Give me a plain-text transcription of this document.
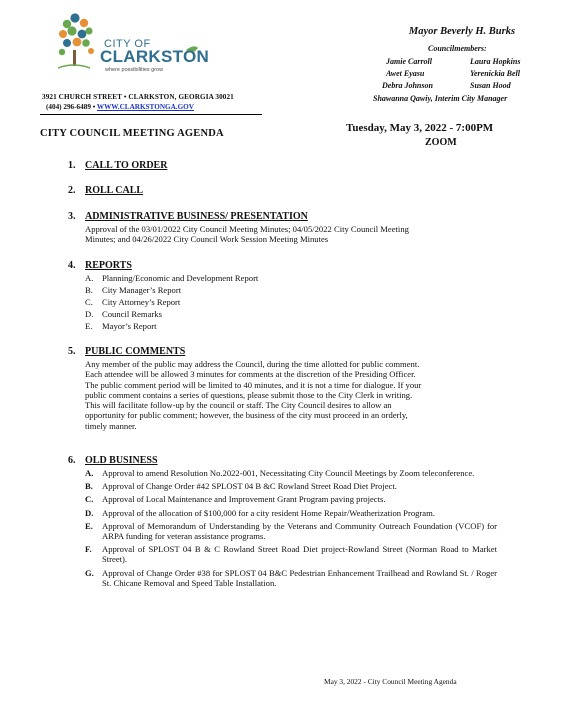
CITY OF
CLARKSTON
where possibilities grow
3921 CHURCH STREET • CLARKSTON, GEORGIA 30021
(404) 296-6489 • WWW.CLARKSTONGA.GOV
Mayor Beverly H. Burks
Councilmembers:
Jamie Carroll	Laura Hopkins
Awet Eyasu	Yerenickia Bell
Debra Johnson	Susan Hood
Shawanna Qawiy, Interim City Manager
CITY COUNCIL MEETING AGENDA	Tuesday, May 3, 2022 - 7:00PM
ZOOM
1. CALL TO ORDER
2. ROLL CALL
3. ADMINISTRATIVE BUSINESS/ PRESENTATION

Approval of the 03/01/2022 City Council Meeting Minutes; 04/05/2022 City Council Meeting

Minutes; and 04/26/2022 City Council Work Session Meeting Minutes

4. REPORTS
A.	Planning/Economic and Development Report
B.	City Manager’s Report
C.	City Attorney’s Report
D.	Council Remarks
E.	Mayor’s Report
5. PUBLIC COMMENTS

Any member of the public may address the Council, during the time allotted for public comment.

Each attendee will be allowed 3 minutes for comments at the discretion of the Presiding Officer.

The public comment period will be limited to 40 minutes, and it is not a time for dialogue. If your

public comment contains a series of questions, please submit those to the City Clerk in writing.

This will facilitate follow-up by the council or staff. The City Council desires to allow an

opportunity for public comment; however, the business of the city must proceed in an orderly,

timely manner.

6. OLD BUSINESS
A.	Approval to amend Resolution No.2022-001, Necessitating City Council Meetings by Zoom teleconference.
B.	Approval of Change Order #42 SPLOST 04 B &C Rowland Street Road Diet Project.
C.	Approval of Local Maintenance and Improvement Grant Program paving projects.
D.	Approval of the allocation of $100,000 for a city resident Home Repair/Weatherization Program.
E.	Approval of Memorandum of Understanding by the Veterans and Community Outreach Foundation (VCOF) for ARPA funding for veteran assistance programs.
F.	Approval of SPLOST 04 B & C Rowland Street Road Diet project-Rowland Street (Norman Road to Market Street).
G. Approval of Change Order #38 for SPLOST 04 B&C Pedestrian Enhancement Trailhead and Rowland St. / Roger St. Chicane Removal and Speed Table Installation.
May 3, 2022 - City Council Meeting Agenda
